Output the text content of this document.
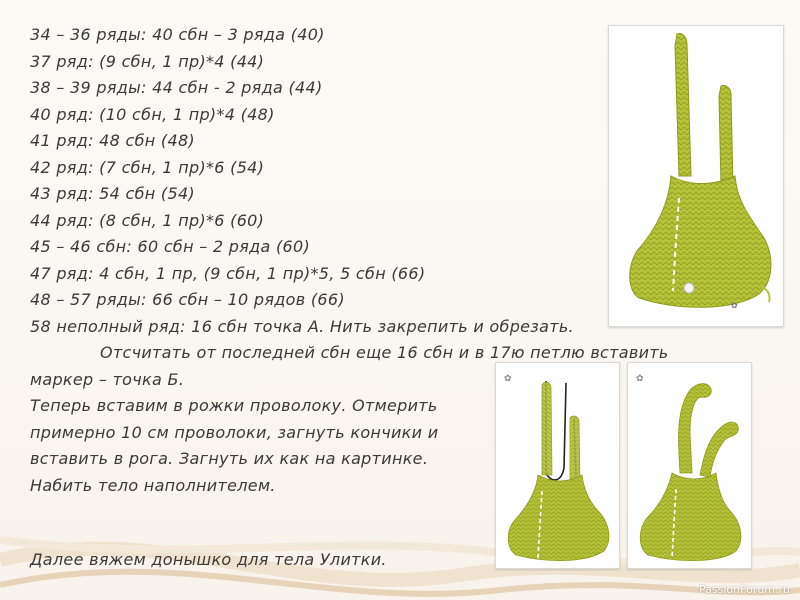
34 – 36 ряды: 40 сбн – 3 ряда (40)
37 ряд: (9 сбн, 1 пр)*4 (44)
38 – 39 ряды: 44 сбн - 2 ряда (44)
40 ряд: (10 сбн, 1 пр)*4 (48)
41 ряд: 48 сбн (48)
42 ряд: (7 сбн, 1 пр)*6 (54)
43 ряд: 54 сбн (54)
44 ряд: (8 сбн, 1 пр)*6 (60)
45 – 46 сбн: 60 сбн – 2 ряда (60)
47 ряд: 4 сбн, 1 пр, (9 сбн, 1 пр)*5, 5 сбн (66)
48 – 57 ряды: 66 сбн – 10 рядов (66)
58 неполный ряд: 16 сбн точка А. Нить закрепить и обрезать.
Отсчитать от последней сбн еще 16 сбн и в 17ю петлю вставить
маркер – точка Б.
Теперь вставим в рожки проволоку. Отмерить
примерно 10 см проволоки, загнуть кончики и
вставить в рога. Загнуть их как на картинке.
Набить тело наполнителем.
Далее вяжем донышко для тела Улитки.
✿
✿	✿
PassionForum.ru
